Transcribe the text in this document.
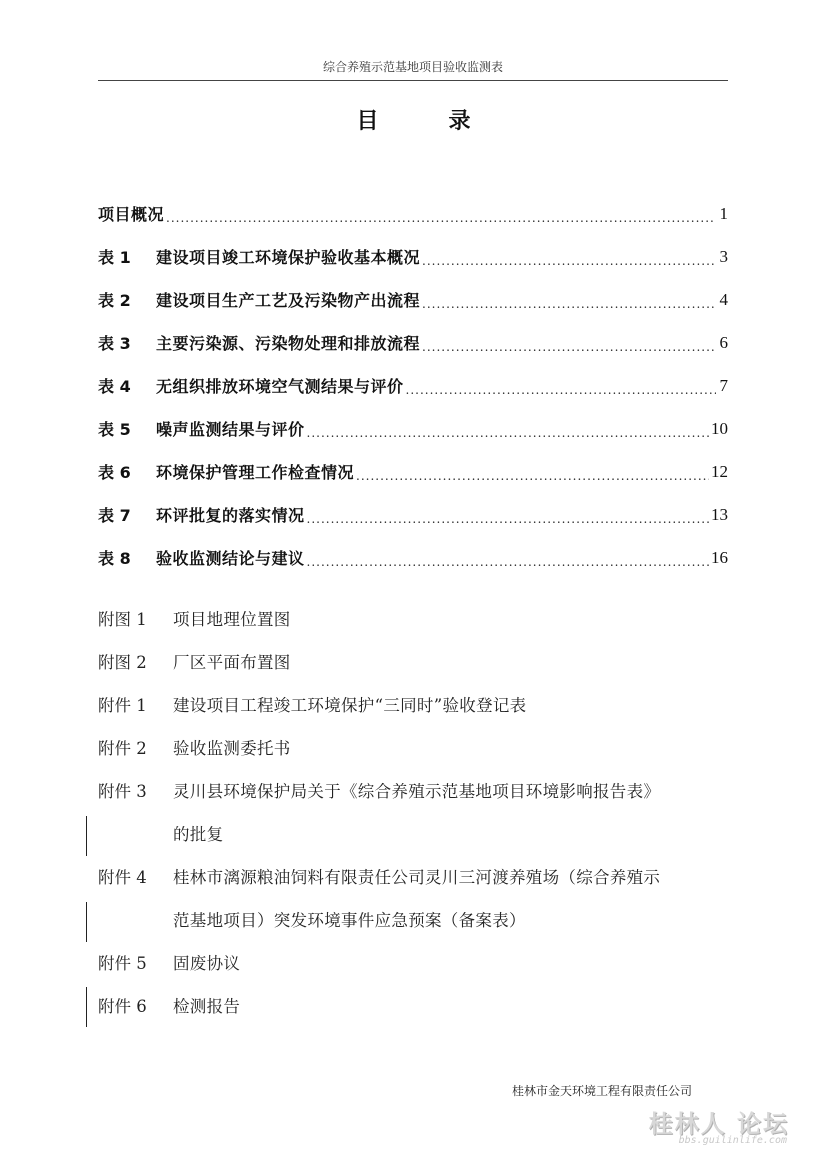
综合养殖示范基地项目验收监测表
目	录
项目概况 .....	1
表 1	建设项目竣工环境保护验收基本概况 .....	3
表 2	建设项目生产工艺及污染物产出流程 .....	4
表 3	主要污染源、污染物处理和排放流程 .....	6
表 4	无组织排放环境空气测结果与评价 .....	7
表 5	噪声监测结果与评价 .....	10
表 6	环境保护管理工作检查情况 .....	12
表 7	环评批复的落实情况 .....	13
表 8	验收监测结论与建议 .....	16
附图 1	项目地理位置图
附图 2	厂区平面布置图
附件 1	建设项目工程竣工环境保护“三同时”验收登记表
附件 2	验收监测委托书
附件 3	灵川县环境保护局关于《综合养殖示范基地项目环境影响报告表》
的批复
附件 4	桂林市漓源粮油饲料有限责任公司灵川三河渡养殖场（综合养殖示
范基地项目）突发环境事件应急预案（备案表）
附件 5	固废协议
附件 6	检测报告
桂林市金天环境工程有限责任公司
桂林人 论坛
bbs.guilinlife.com
